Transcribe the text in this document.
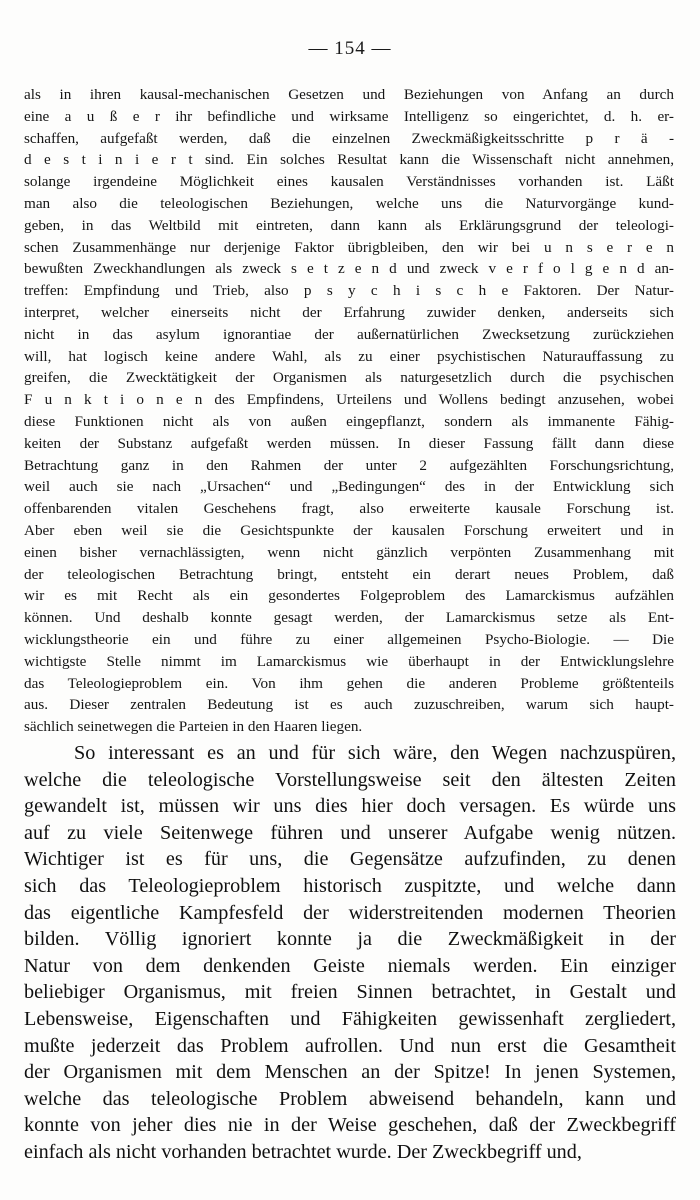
— 154 —
als in ihren kausal-mechanischen Gesetzen und Beziehungen von Anfang an durch
eine a u ß e r ihr befindliche und wirksame Intelligenz so eingerichtet, d. h. er-
schaffen, aufgefaßt werden, daß die einzelnen Zweckmäßigkeitsschritte p r ä -
d e s t i n i e r t sind. Ein solches Resultat kann die Wissenschaft nicht annehmen,
solange irgendeine Möglichkeit eines kausalen Verständnisses vorhanden ist. Läßt
man also die teleologischen Beziehungen, welche uns die Naturvorgänge kund-
geben, in das Weltbild mit eintreten, dann kann als Erklärungsgrund der teleologi-
schen Zusammenhänge nur derjenige Faktor übrigbleiben, den wir bei u n s e r e n
bewußten Zweckhandlungen als zweck s e t z e n d und zweck v e r f o l g e n d an-
treffen: Empfindung und Trieb, also p s y c h i s c h e Faktoren. Der Natur-
interpret, welcher einerseits nicht der Erfahrung zuwider denken, anderseits sich
nicht in das asylum ignorantiae der außernatürlichen Zwecksetzung zurückziehen
will, hat logisch keine andere Wahl, als zu einer psychistischen Naturauffassung zu
greifen, die Zwecktätigkeit der Organismen als naturgesetzlich durch die psychischen
F u n k t i o n e n des Empfindens, Urteilens und Wollens bedingt anzusehen, wobei
diese Funktionen nicht als von außen eingepflanzt, sondern als immanente Fähig-
keiten der Substanz aufgefaßt werden müssen. In dieser Fassung fällt dann diese
Betrachtung ganz in den Rahmen der unter 2 aufgezählten Forschungsrichtung,
weil auch sie nach „Ursachen“ und „Bedingungen“ des in der Entwicklung sich
offenbarenden vitalen Geschehens fragt, also erweiterte kausale Forschung ist.
Aber eben weil sie die Gesichtspunkte der kausalen Forschung erweitert und in
einen bisher vernachlässigten, wenn nicht gänzlich verpönten Zusammenhang mit
der teleologischen Betrachtung bringt, entsteht ein derart neues Problem, daß
wir es mit Recht als ein gesondertes Folgeproblem des Lamarckismus aufzählen
können. Und deshalb konnte gesagt werden, der Lamarckismus setze als Ent-
wicklungstheorie ein und führe zu einer allgemeinen Psycho-Biologie. — Die
wichtigste Stelle nimmt im Lamarckismus wie überhaupt in der Entwicklungslehre
das Teleologieproblem ein. Von ihm gehen die anderen Probleme größtenteils
aus. Dieser zentralen Bedeutung ist es auch zuzuschreiben, warum sich haupt-
sächlich seinetwegen die Parteien in den Haaren liegen.
So interessant es an und für sich wäre, den Wegen nachzuspüren,
welche die teleologische Vorstellungsweise seit den ältesten Zeiten
gewandelt ist, müssen wir uns dies hier doch versagen. Es würde uns
auf zu viele Seitenwege führen und unserer Aufgabe wenig nützen.
Wichtiger ist es für uns, die Gegensätze aufzufinden, zu denen
sich das Teleologieproblem historisch zuspitzte, und welche dann
das eigentliche Kampfesfeld der widerstreitenden modernen Theorien
bilden. Völlig ignoriert konnte ja die Zweckmäßigkeit in der
Natur von dem denkenden Geiste niemals werden. Ein einziger
beliebiger Organismus, mit freien Sinnen betrachtet, in Gestalt und
Lebensweise, Eigenschaften und Fähigkeiten gewissenhaft zergliedert,
mußte jederzeit das Problem aufrollen. Und nun erst die Gesamtheit
der Organismen mit dem Menschen an der Spitze! In jenen Systemen,
welche das teleologische Problem abweisend behandeln, kann und
konnte von jeher dies nie in der Weise geschehen, daß der Zweckbegriff
einfach als nicht vorhanden betrachtet wurde. Der Zweckbegriff und,
